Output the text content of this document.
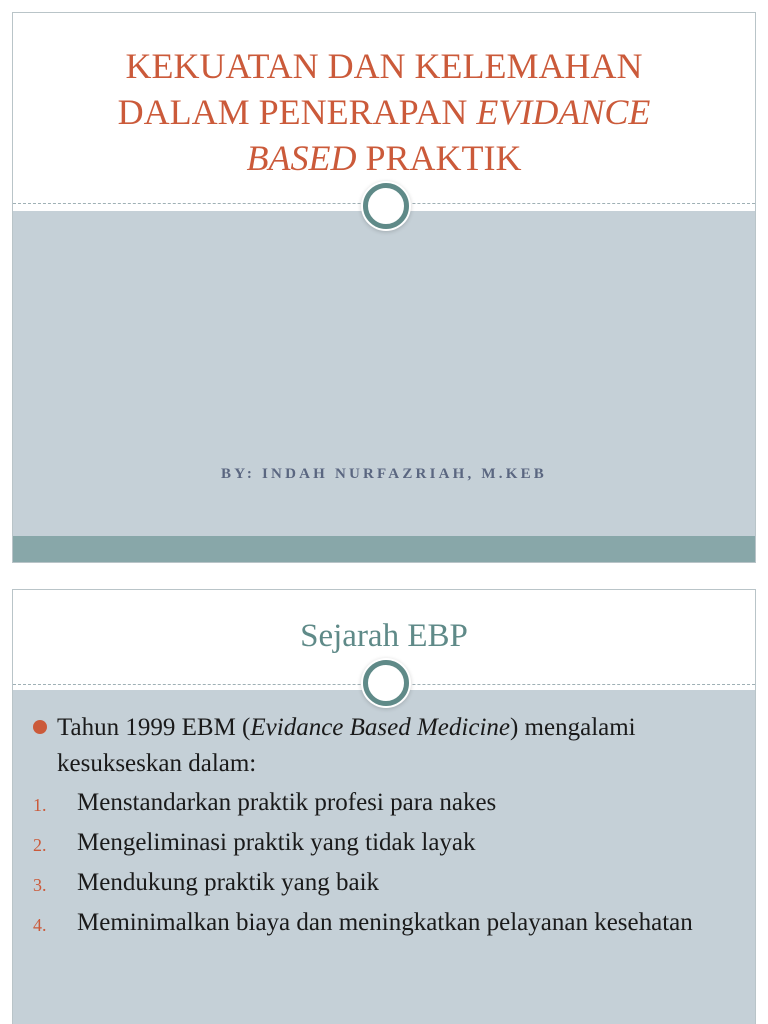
KEKUATAN DAN KELEMAHAN
DALAM PENERAPAN EVIDANCE
BASED PRAKTIK
BY: INDAH NURFAZRIAH, M.KEB
Sejarah EBP
Tahun 1999 EBM (Evidance Based Medicine) mengalami kesukseskan dalam:
1.	Menstandarkan praktik profesi para nakes
2.	Mengeliminasi praktik yang tidak layak
3.	Mendukung praktik yang baik
4.	Meminimalkan biaya dan meningkatkan pelayanan kesehatan
